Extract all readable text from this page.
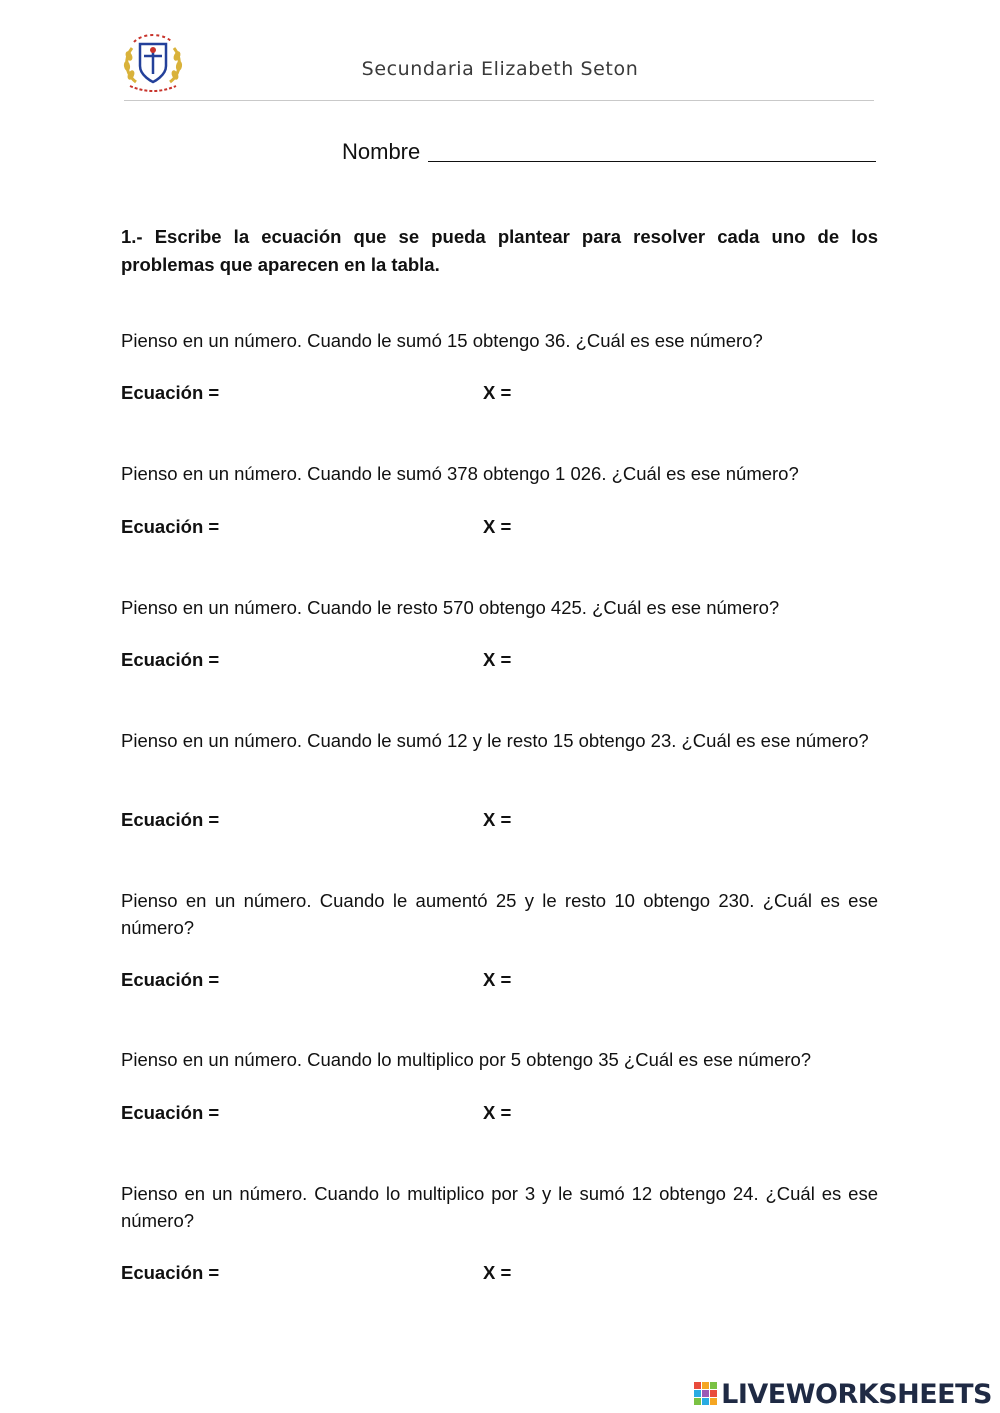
Secundaria Elizabeth Seton
Nombre
1.- Escribe la ecuación que se pueda plantear para resolver cada uno de los problemas que aparecen en la tabla.
Pienso en un número. Cuando le sumó 15 obtengo 36. ¿Cuál es ese número?
Ecuación =	X =
Pienso en un número. Cuando le sumó 378 obtengo 1 026. ¿Cuál es ese número?
Ecuación =	X =
Pienso en un número. Cuando le resto 570 obtengo 425. ¿Cuál es ese número?
Ecuación =	X =
Pienso en un número. Cuando le sumó 12 y le resto 15 obtengo 23. ¿Cuál es ese número?
Ecuación =	X =
Pienso en un número. Cuando le aumentó 25 y le resto 10 obtengo 230. ¿Cuál es ese número?
Ecuación =	X =
Pienso en un número. Cuando lo multiplico por 5 obtengo 35 ¿Cuál es ese número?
Ecuación =	X =
Pienso en un número. Cuando lo multiplico por 3 y le sumó 12 obtengo 24. ¿Cuál es ese número?
Ecuación =	X =
LIVEWORKSHEETS
